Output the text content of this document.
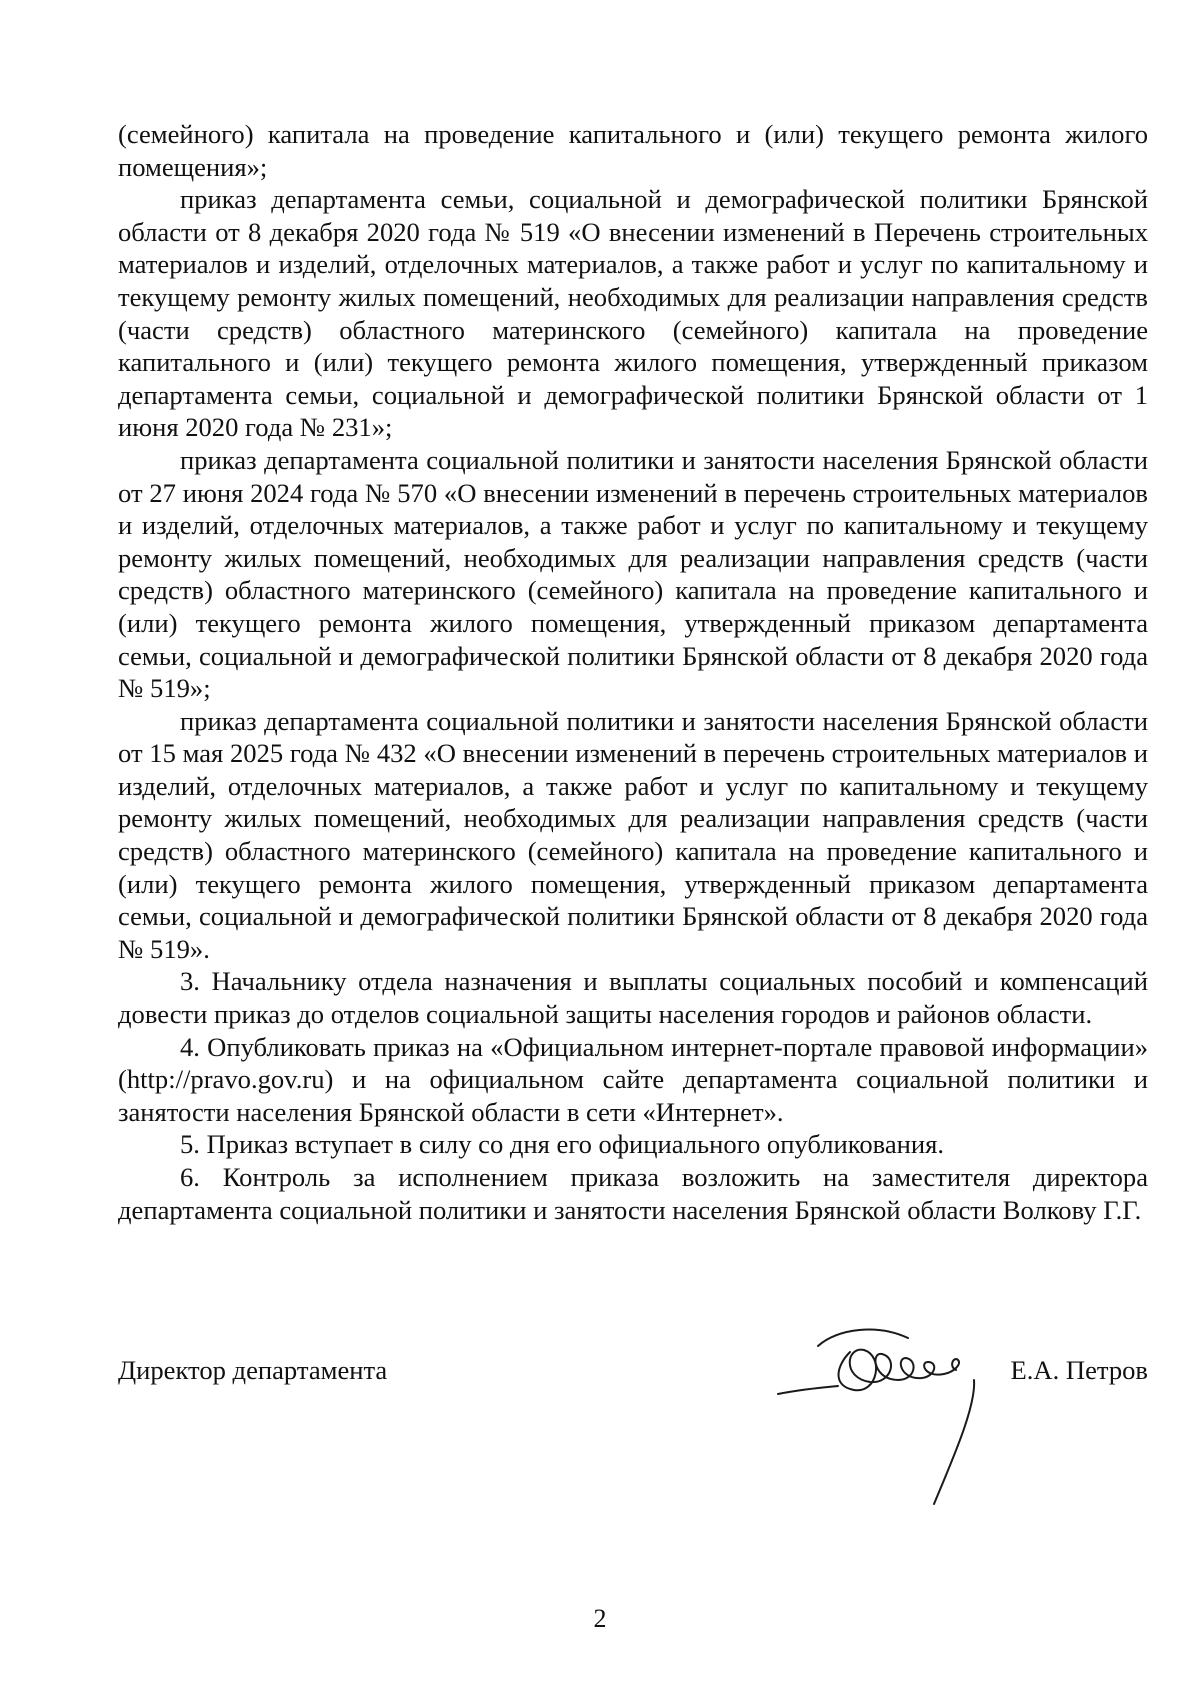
(семейного) капитала на проведение капитального и (или) текущего ремонта жилого помещения»;

приказ департамента семьи, социальной и демографической политики Брянской области от 8 декабря 2020 года № 519 «О внесении изменений в Перечень строительных материалов и изделий, отделочных материалов, а также работ и услуг по капитальному и текущему ремонту жилых помещений, необходимых для реализации направления средств (части средств) областного материнского (семейного) капитала на проведение капитального и (или) текущего ремонта жилого помещения, утвержденный приказом департамента семьи, социальной и демографической политики Брянской области от 1 июня 2020 года № 231»;

приказ департамента социальной политики и занятости населения Брянской области от 27 июня 2024 года № 570 «О внесении изменений в перечень строительных материалов и изделий, отделочных материалов, а также работ и услуг по капитальному и текущему ремонту жилых помещений, необходимых для реализации направления средств (части средств) областного материнского (семейного) капитала на проведение капитального и (или) текущего ремонта жилого помещения, утвержденный приказом департамента семьи, социальной и демографической политики Брянской области от 8 декабря 2020 года № 519»;

приказ департамента социальной политики и занятости населения Брянской области от 15 мая 2025 года № 432 «О внесении изменений в перечень строительных материалов и изделий, отделочных материалов, а также работ и услуг по капитальному и текущему ремонту жилых помещений, необходимых для реализации направления средств (части средств) областного материнского (семейного) капитала на проведение капитального и (или) текущего ремонта жилого помещения, утвержденный приказом департамента семьи, социальной и демографической политики Брянской области от 8 декабря 2020 года № 519».

3. Начальнику отдела назначения и выплаты социальных пособий и компенсаций довести приказ до отделов социальной защиты населения городов и районов области.

4. Опубликовать приказ на «Официальном интернет-портале правовой информации» (http://pravo.gov.ru) и на официальном сайте департамента социальной политики и занятости населения Брянской области в сети «Интернет».

5. Приказ вступает в силу со дня его официального опубликования.

6. Контроль за исполнением приказа возложить на заместителя директора департамента социальной политики и занятости населения Брянской области Волкову Г.Г.

Директор департамента	Е.А. Петров
2
